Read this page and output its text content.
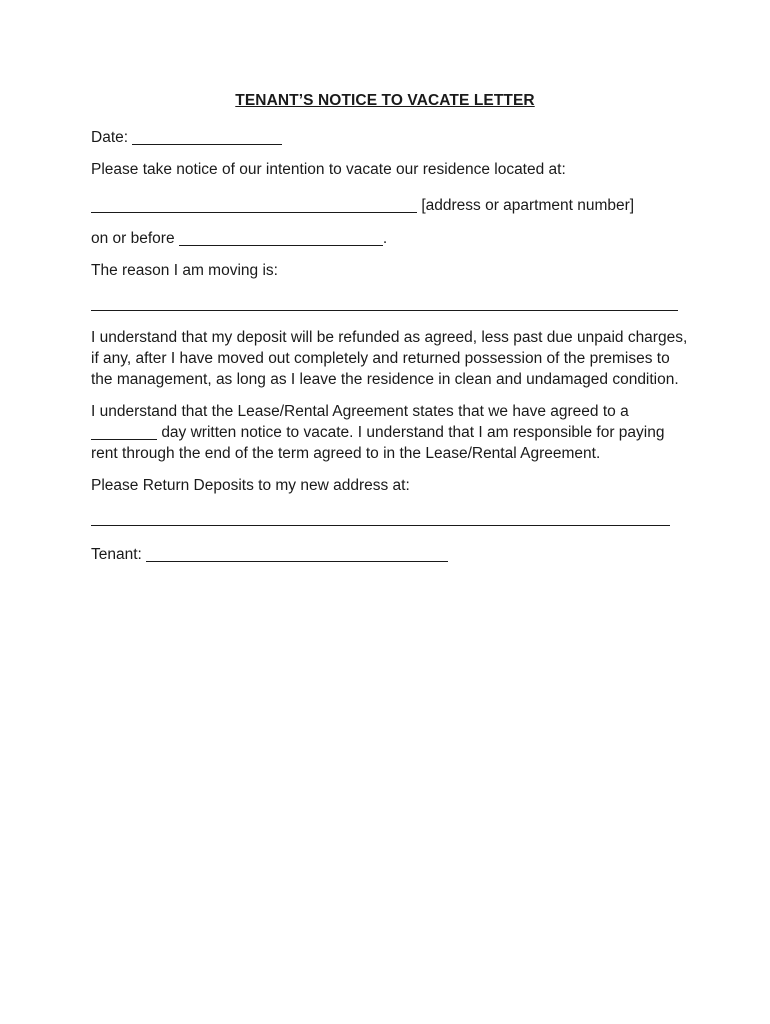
TENANT’S NOTICE TO VACATE LETTER
Date:
Please take notice of our intention to vacate our residence located at:
[address or apartment number]
on or before	.
The reason I am moving is:
I understand that my deposit will be refunded as agreed, less past due unpaid charges,
if any, after I have moved out completely and returned possession of the premises to
the management, as long as I leave the residence in clean and undamaged condition.
I understand that the Lease/Rental Agreement states that we have agreed to a
day written notice to vacate. I understand that I am responsible for paying
rent through the end of the term agreed to in the Lease/Rental Agreement.
Please Return Deposits to my new address at:
Tenant:
